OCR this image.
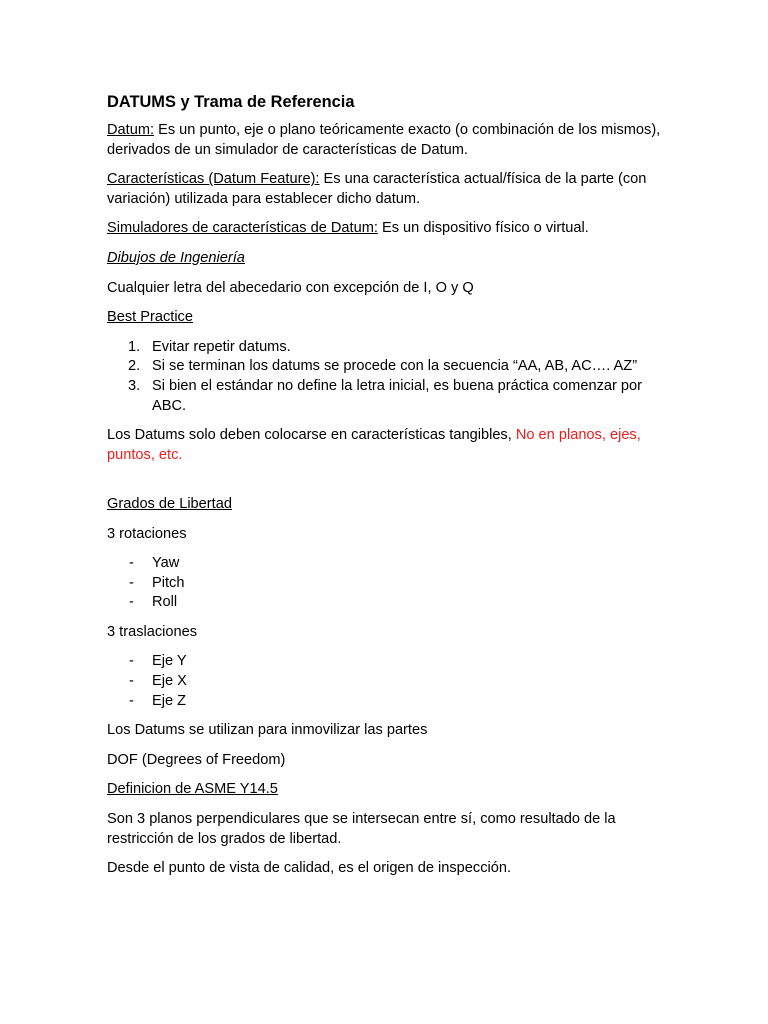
DATUMS y Trama de Referencia

Datum: Es un punto, eje o plano teóricamente exacto (o combinación de los mismos), derivados de un simulador de características de Datum.

Características (Datum Feature): Es una característica actual/física de la parte (con variación) utilizada para establecer dicho datum.

Simuladores de características de Datum: Es un dispositivo físico o virtual.

Dibujos de Ingeniería

Cualquier letra del abecedario con excepción de I, O y Q

Best Practice

1. Evitar repetir datums.
2. Si se terminan los datums se procede con la secuencia “AA, AB, AC…. AZ”
3. Si bien el estándar no define la letra inicial, es buena práctica comenzar por ABC.

Los Datums solo deben colocarse en características tangibles, No en planos, ejes, puntos, etc.

Grados de Libertad

3 rotaciones

- Yaw
- Pitch
- Roll

3 traslaciones

- Eje Y
- Eje X
- Eje Z

Los Datums se utilizan para inmovilizar las partes

DOF (Degrees of Freedom)

Definicion de ASME Y14.5

Son 3 planos perpendiculares que se intersecan entre sí, como resultado de la restricción de los grados de libertad.

Desde el punto de vista de calidad, es el origen de inspección.
